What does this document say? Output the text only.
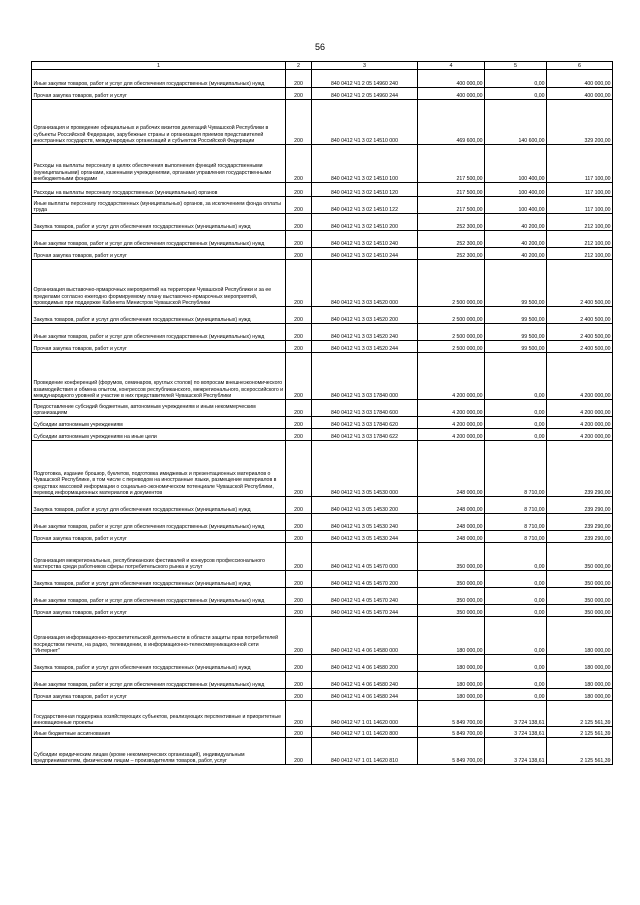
56
1	2	3	4	5	6
Иные закупки товаров, работ и услуг для обеспечения государственных (муниципальных) нужд	200	840 0412 Ч1 2 05 14960 240	400 000,00	0,00	400 000,00
Прочая закупка товаров, работ и услуг	200	840 0412 Ч1 2 05 14960 244	400 000,00	0,00	400 000,00
Организация и проведение официальных и рабочих визитов делегаций Чувашской Республики в субъекты Российской Федерации, зарубежные страны и организация приемов представителей иностранных государств, международных организаций и субъектов Российской Федерации	200	840 0412 Ч1 3 02 14510 000	469 600,00	140 600,00	329 200,00
Расходы на выплаты персоналу в целях обеспечения выполнения функций государственными (муниципальными) органами, казенными учреждениями, органами управления государственными внебюджетными фондами	200	840 0412 Ч1 3 02 14510 100	217 500,00	100 400,00	117 100,00
Расходы на выплаты персоналу государственных (муниципальных) органов	200	840 0412 Ч1 3 02 14510 120	217 500,00	100 400,00	117 100,00
Иные выплаты персоналу государственных (муниципальных) органов, за исключением фонда оплаты труда	200	840 0412 Ч1 3 02 14510 122	217 500,00	100 400,00	117 100,00
Закупка товаров, работ и услуг для обеспечения государственных (муниципальных) нужд	200	840 0412 Ч1 3 02 14510 200	252 300,00	40 200,00	212 100,00
Иные закупки товаров, работ и услуг для обеспечения государственных (муниципальных) нужд	200	840 0412 Ч1 3 02 14510 240	252 300,00	40 200,00	212 100,00
Прочая закупка товаров, работ и услуг	200	840 0412 Ч1 3 02 14510 244	252 300,00	40 200,00	212 100,00
Организация выставочно-ярмарочных мероприятий на территории Чувашской Республики и за ее пределами согласно ежегодно формируемому плану выставочно-ярмарочных мероприятий, проводимых при поддержке Кабинета Министров Чувашской Республики	200	840 0412 Ч1 3 03 14520 000	2 500 000,00	99 500,00	2 400 500,00
Закупка товаров, работ и услуг для обеспечения государственных (муниципальных) нужд	200	840 0412 Ч1 3 03 14520 200	2 500 000,00	99 500,00	2 400 500,00
Иные закупки товаров, работ и услуг для обеспечения государственных (муниципальных) нужд	200	840 0412 Ч1 3 03 14520 240	2 500 000,00	99 500,00	2 400 500,00
Прочая закупка товаров, работ и услуг	200	840 0412 Ч1 3 03 14520 244	2 500 000,00	99 500,00	2 400 500,00
Проведение конференций (форумов, семинаров, круглых столов) по вопросам внешнеэкономического взаимодействия и обмена опытом, конгрессов республиканского, межрегионального, всероссийского и международного уровней и участие в них представителей Чувашской Республики	200	840 0412 Ч1 3 03 17840 000	4 200 000,00	0,00	4 200 000,00
Предоставление субсидий бюджетным, автономным учреждениям и иным некоммерческим организациям	200	840 0412 Ч1 3 03 17840 600	4 200 000,00	0,00	4 200 000,00
Субсидии автономным учреждениям	200	840 0412 Ч1 3 03 17840 620	4 200 000,00	0,00	4 200 000,00
Субсидии автономным учреждениям на иные цели	200	840 0412 Ч1 3 03 17840 622	4 200 000,00	0,00	4 200 000,00
Подготовка, издание брошюр, буклетов, подготовка имиджевых и презентационных материалов о Чувашской Республике, в том числе с переводом на иностранные языки, размещение материалов в средствах массовой информации о социально-экономическом потенциале Чувашской Республики, перевод информационных материалов и документов	200	840 0412 Ч1 3 05 14530 000	248 000,00	8 710,00	239 290,00
Закупка товаров, работ и услуг для обеспечения государственных (муниципальных) нужд	200	840 0412 Ч1 3 05 14530 200	248 000,00	8 710,00	239 290,00
Иные закупки товаров, работ и услуг для обеспечения государственных (муниципальных) нужд	200	840 0412 Ч1 3 05 14530 240	248 000,00	8 710,00	239 290,00
Прочая закупка товаров, работ и услуг	200	840 0412 Ч1 3 05 14530 244	248 000,00	8 710,00	239 290,00
Организация межрегиональных, республиканских фестивалей и конкурсов профессионального мастерства среди работников сферы потребительского рынка и услуг	200	840 0412 Ч1 4 05 14570 000	350 000,00	0,00	350 000,00
Закупка товаров, работ и услуг для обеспечения государственных (муниципальных) нужд	200	840 0412 Ч1 4 05 14570 200	350 000,00	0,00	350 000,00
Иные закупки товаров, работ и услуг для обеспечения государственных (муниципальных) нужд	200	840 0412 Ч1 4 05 14570 240	350 000,00	0,00	350 000,00
Прочая закупка товаров, работ и услуг	200	840 0412 Ч1 4 05 14570 244	350 000,00	0,00	350 000,00
Организация информационно-просветительской деятельности в области защиты прав потребителей посредством печати, на радио, телевидении, в информационно-телекоммуникационной сети "Интернет"	200	840 0412 Ч1 4 06 14580 000	180 000,00	0,00	180 000,00
Закупка товаров, работ и услуг для обеспечения государственных (муниципальных) нужд	200	840 0412 Ч1 4 06 14580 200	180 000,00	0,00	180 000,00
Иные закупки товаров, работ и услуг для обеспечения государственных (муниципальных) нужд	200	840 0412 Ч1 4 06 14580 240	180 000,00	0,00	180 000,00
Прочая закупка товаров, работ и услуг	200	840 0412 Ч1 4 06 14580 244	180 000,00	0,00	180 000,00
Государственная поддержка хозяйствующих субъектов, реализующих перспективные и приоритетные инновационные проекты	200	840 0412 Ч7 1 01 14620 000	5 849 700,00	3 724 138,61	2 125 561,39
Иные бюджетные ассигнования	200	840 0412 Ч7 1 01 14620 800	5 849 700,00	3 724 138,61	2 125 561,39
Субсидии юридическим лицам (кроме некоммерческих организаций), индивидуальным предпринимателям, физическим лицам – производителям товаров, работ, услуг	200	840 0412 Ч7 1 01 14620 810	5 849 700,00	3 724 138,61	2 125 561,39
